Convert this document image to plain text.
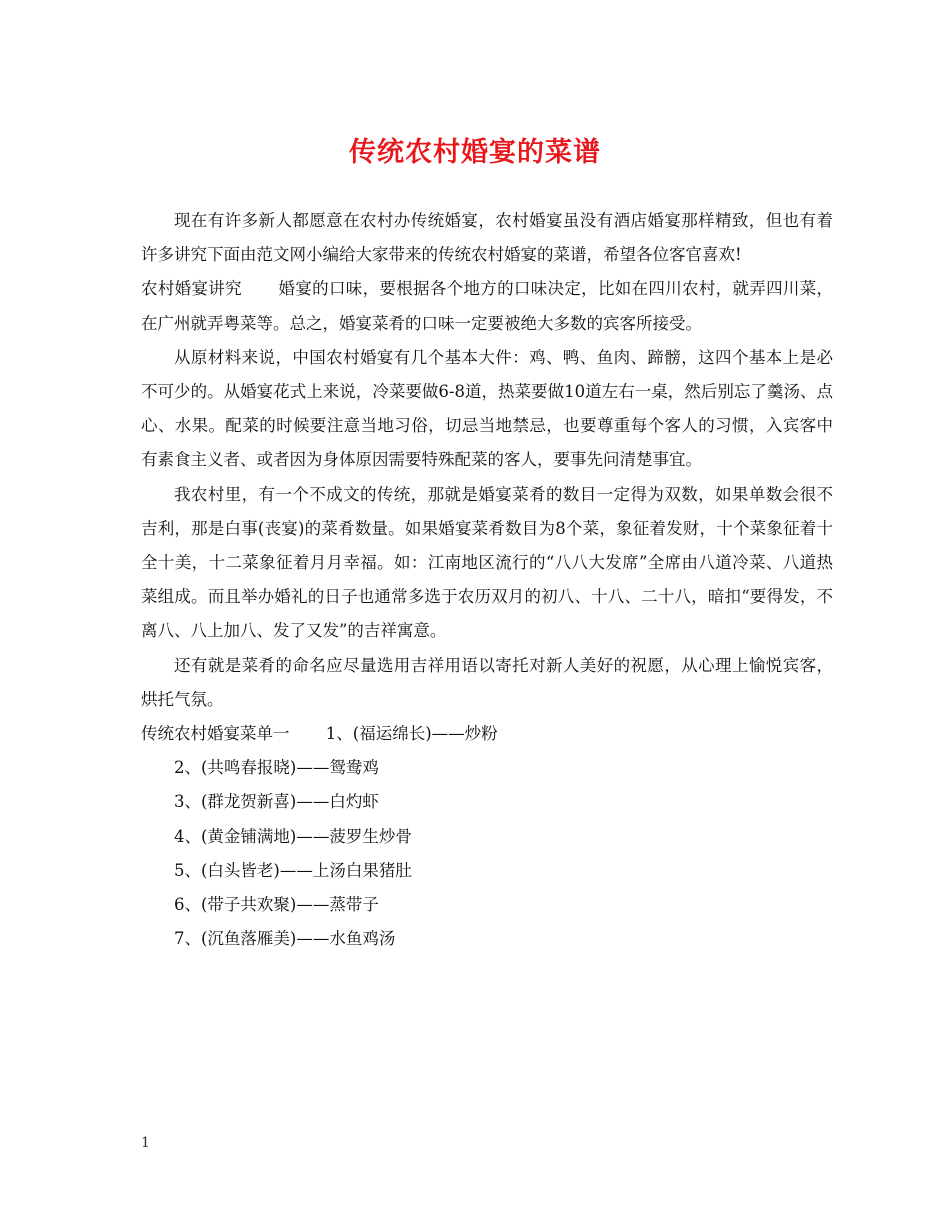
传统农村婚宴的菜谱

现在有许多新人都愿意在农村办传统婚宴，农村婚宴虽没有酒店婚宴那样精致，但也有着许多讲究下面由范文网小编给大家带来的传统农村婚宴的菜谱，希望各位客官喜欢!

农村婚宴讲究 婚宴的口味，要根据各个地方的口味决定，比如在四川农村，就弄四川菜，在广州就弄粤菜等。总之，婚宴菜肴的口味一定要被绝大多数的宾客所接受。

从原材料来说，中国农村婚宴有几个基本大件：鸡、鸭、鱼肉、蹄髈，这四个基本上是必不可少的。从婚宴花式上来说，冷菜要做6-8道，热菜要做10道左右一桌，然后别忘了羹汤、点心、水果。配菜的时候要注意当地习俗，切忌当地禁忌，也要尊重每个客人的习惯，入宾客中有素食主义者、或者因为身体原因需要特殊配菜的客人，要事先问清楚事宜。

我农村里，有一个不成文的传统，那就是婚宴菜肴的数目一定得为双数，如果单数会很不吉利，那是白事(丧宴)的菜肴数量。如果婚宴菜肴数目为8个菜，象征着发财，十个菜象征着十全十美，十二菜象征着月月幸福。如：江南地区流行的“八八大发席”全席由八道冷菜、八道热菜组成。而且举办婚礼的日子也通常多选于农历双月的初八、十八、二十八，暗扣“要得发，不离八、八上加八、发了又发”的吉祥寓意。

还有就是菜肴的命名应尽量选用吉祥用语以寄托对新人美好的祝愿，从心理上愉悦宾客，烘托气氛。

传统农村婚宴菜单一 1、(福运绵长)——炒粉

2、(共鸣春报晓)——鸳鸯鸡

3、(群龙贺新喜)——白灼虾

4、(黄金铺满地)——菠罗生炒骨

5、(白头皆老)——上汤白果猪肚

6、(带子共欢聚)——蒸带子

7、(沉鱼落雁美)——水鱼鸡汤

1
